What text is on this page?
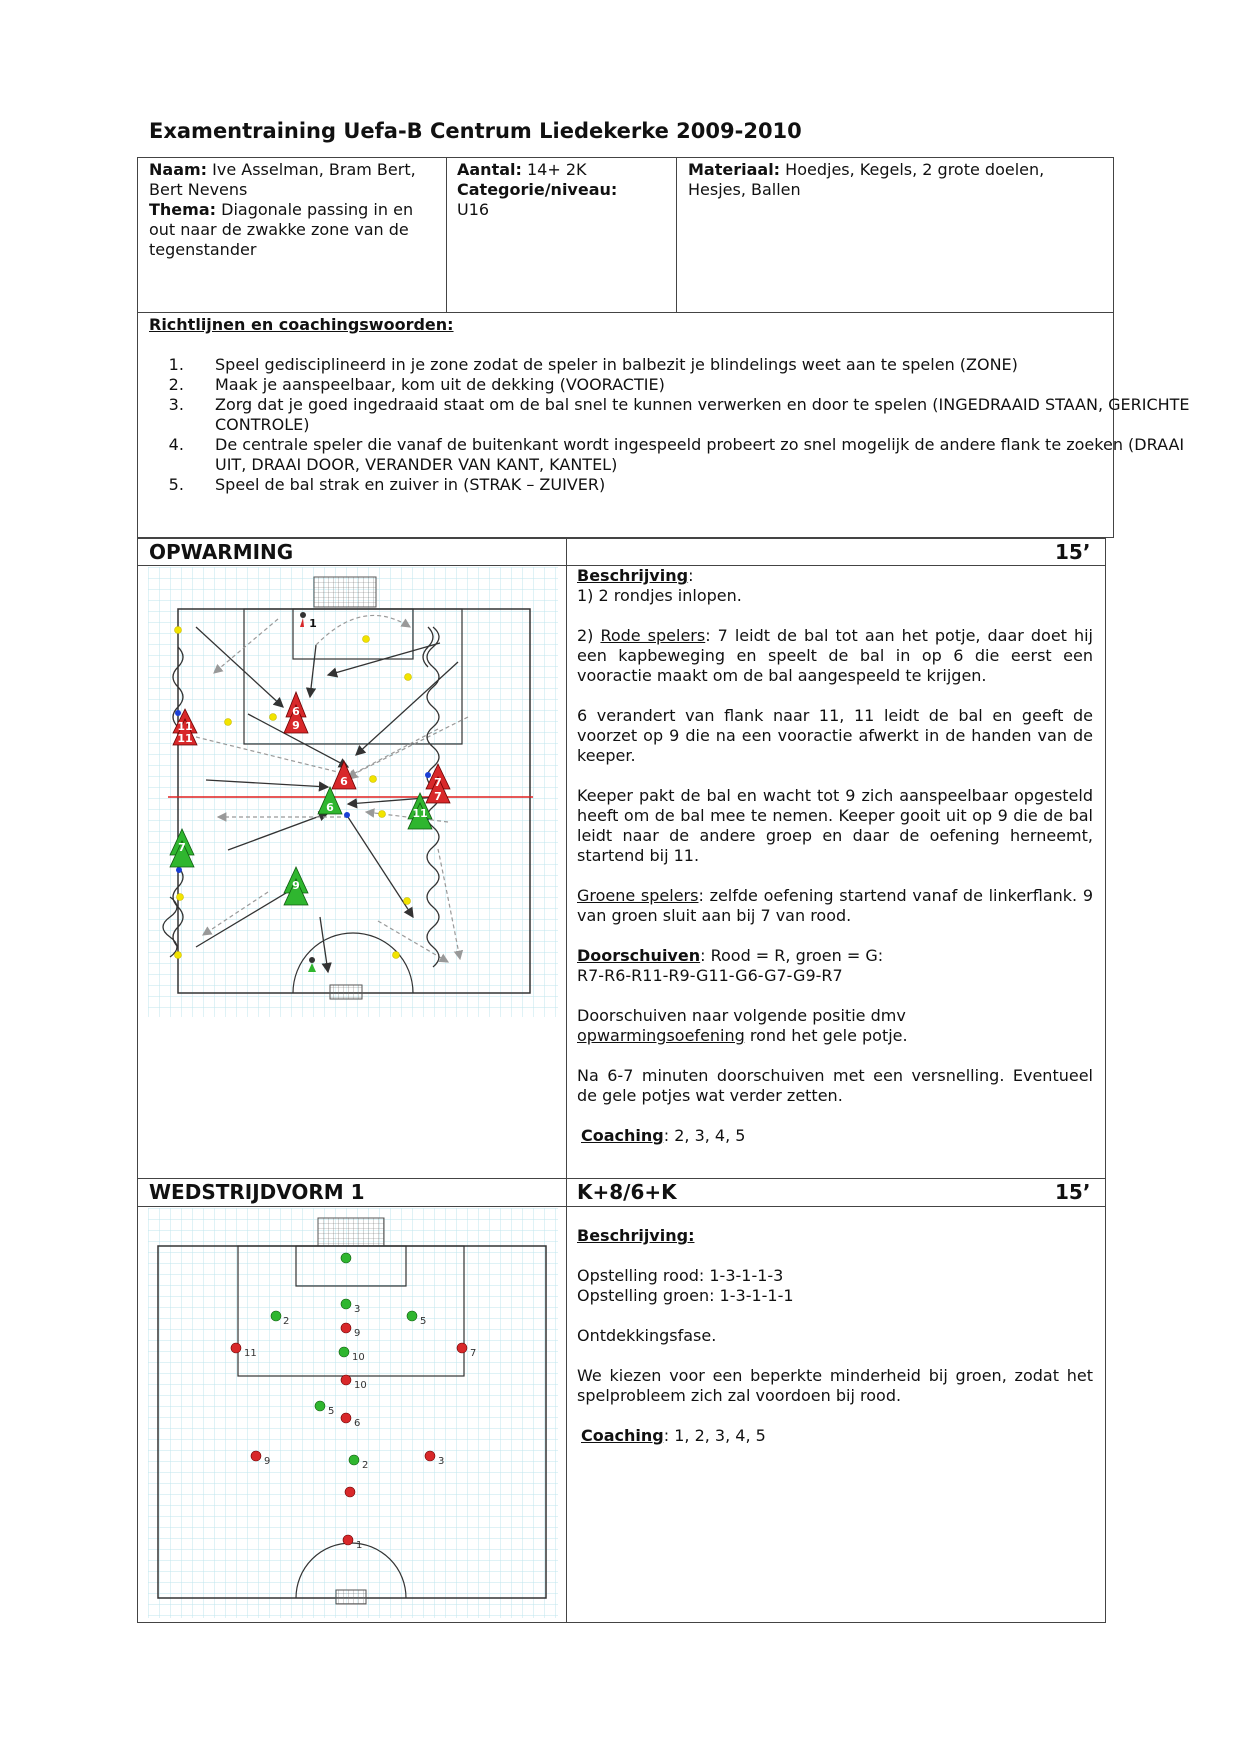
Examentraining Uefa-B Centrum Liedekerke 2009-2010
Naam: Ive Asselman, Bram Bert, Bert Nevens
Thema: Diagonale passing in en out naar de zwakke zone van de tegenstander
Aantal: 14+ 2K
Categorie/niveau:
U16
Materiaal: Hoedjes, Kegels, 2 grote doelen, Hesjes, Ballen
Richtlijnen en coachingswoorden:
1. Speel gedisciplineerd in je zone zodat de speler in balbezit je blindelings weet aan te spelen (ZONE)
2. Maak je aanspeelbaar, kom uit de dekking (VOORACTIE)
3. Zorg dat je goed ingedraaid staat om de bal snel te kunnen verwerken en door te spelen (INGEDRAAID STAAN, GERICHTE CONTROLE)
4. De centrale speler die vanaf de buitenkant wordt ingespeeld probeert zo snel mogelijk de andere flank te zoeken (DRAAI UIT, DRAAI DOOR, VERANDER VAN KANT, KANTEL)
5. Speel de bal strak en zuiver in (STRAK – ZUIVER)
OPWARMING	15’
WEDSTRIJDVORM 1	K+8/6+K	15’

Beschrijving:

1) 2 rondjes inlopen.

2) Rode spelers: 7 leidt de bal tot aan het potje, daar doet hij een kapbeweging en speelt de bal in op 6 die eerst een vooractie maakt om de bal aangespeeld te krijgen.

6 verandert van flank naar 11, 11 leidt de bal en geeft de voorzet op 9 die na een vooractie afwerkt in de handen van de keeper.

Keeper pakt de bal en wacht tot 9 zich aanspeelbaar opgesteld heeft om de bal mee te nemen. Keeper gooit uit op 9 die de bal leidt naar de andere groep en daar de oefening herneemt, startend bij 11.

Groene spelers: zelfde oefening startend vanaf de linkerflank. 9 van groen sluit aan bij 7 van rood.

Doorschuiven: Rood = R, groen = G:
R7-R6-R11-R9-G11-G6-G7-G9-R7

Doorschuiven naar volgende positie dmv
opwarmingsoefening rond het gele potje.

Na 6-7 minuten doorschuiven met een versnelling. Eventueel de gele potjes wat verder zetten.

Coaching: 2, 3, 4, 5

Beschrijving:
Opstelling rood: 1-3-1-1-3
Opstelling groen: 1-3-1-1-1
Ontdekkingsfase.
We kiezen voor een beperkte minderheid bij groen, zodat het spelprobleem zich zal voordoen bij rood.
Coaching: 1, 2, 3, 4, 5
1
6
9
6
11
11
7
7
6	11
7
9
2
3
9
5
11	7
10
10
6
5
9	2	3
1
